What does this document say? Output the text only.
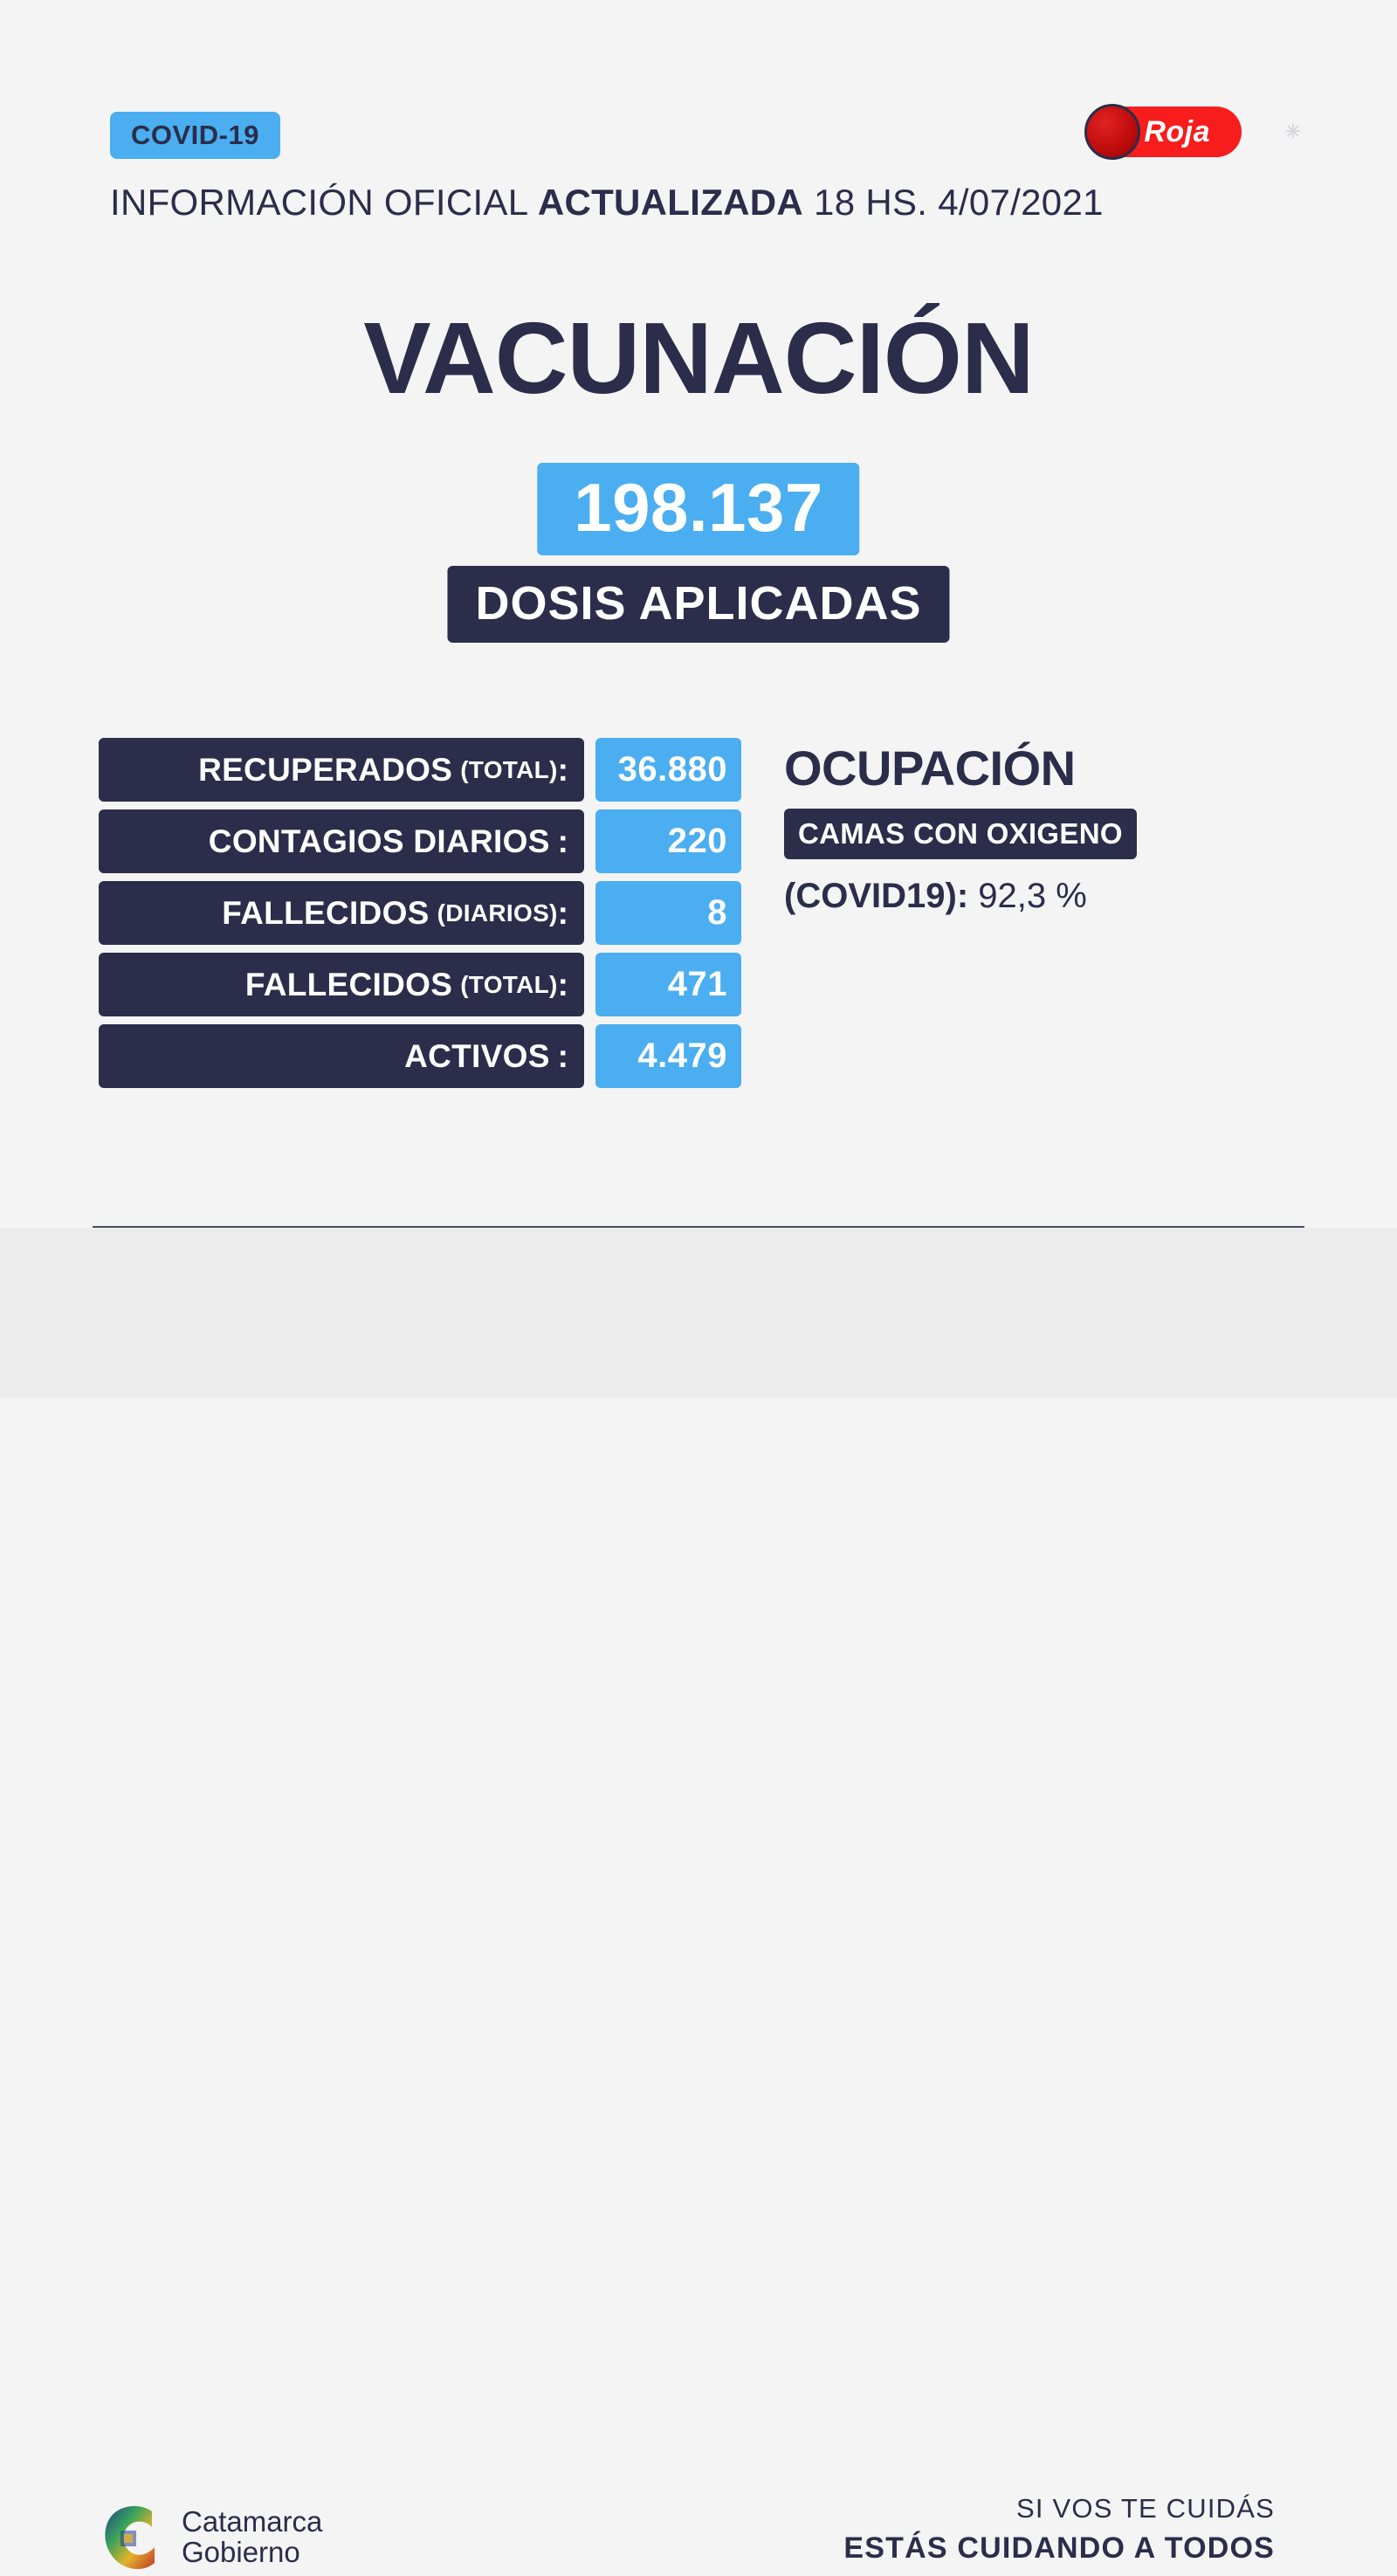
COVID-19	Roja	✳
INFORMACIÓN OFICIAL ACTUALIZADA 18 HS. 4/07/2021
VACUNACIÓN
198.137
DOSIS APLICADAS
RECUPERADOS (TOTAL) :	36.880
CONTAGIOS DIARIOS :	220
FALLECIDOS (DIARIOS) :	8
FALLECIDOS (TOTAL) :	471
ACTIVOS :	4.479
OCUPACIÓN
CAMAS CON OXIGENO
(COVID19): 92,3 %
Catamarca
Gobierno
SI VOS TE CUIDÁS
ESTÁS CUIDANDO A TODOS
